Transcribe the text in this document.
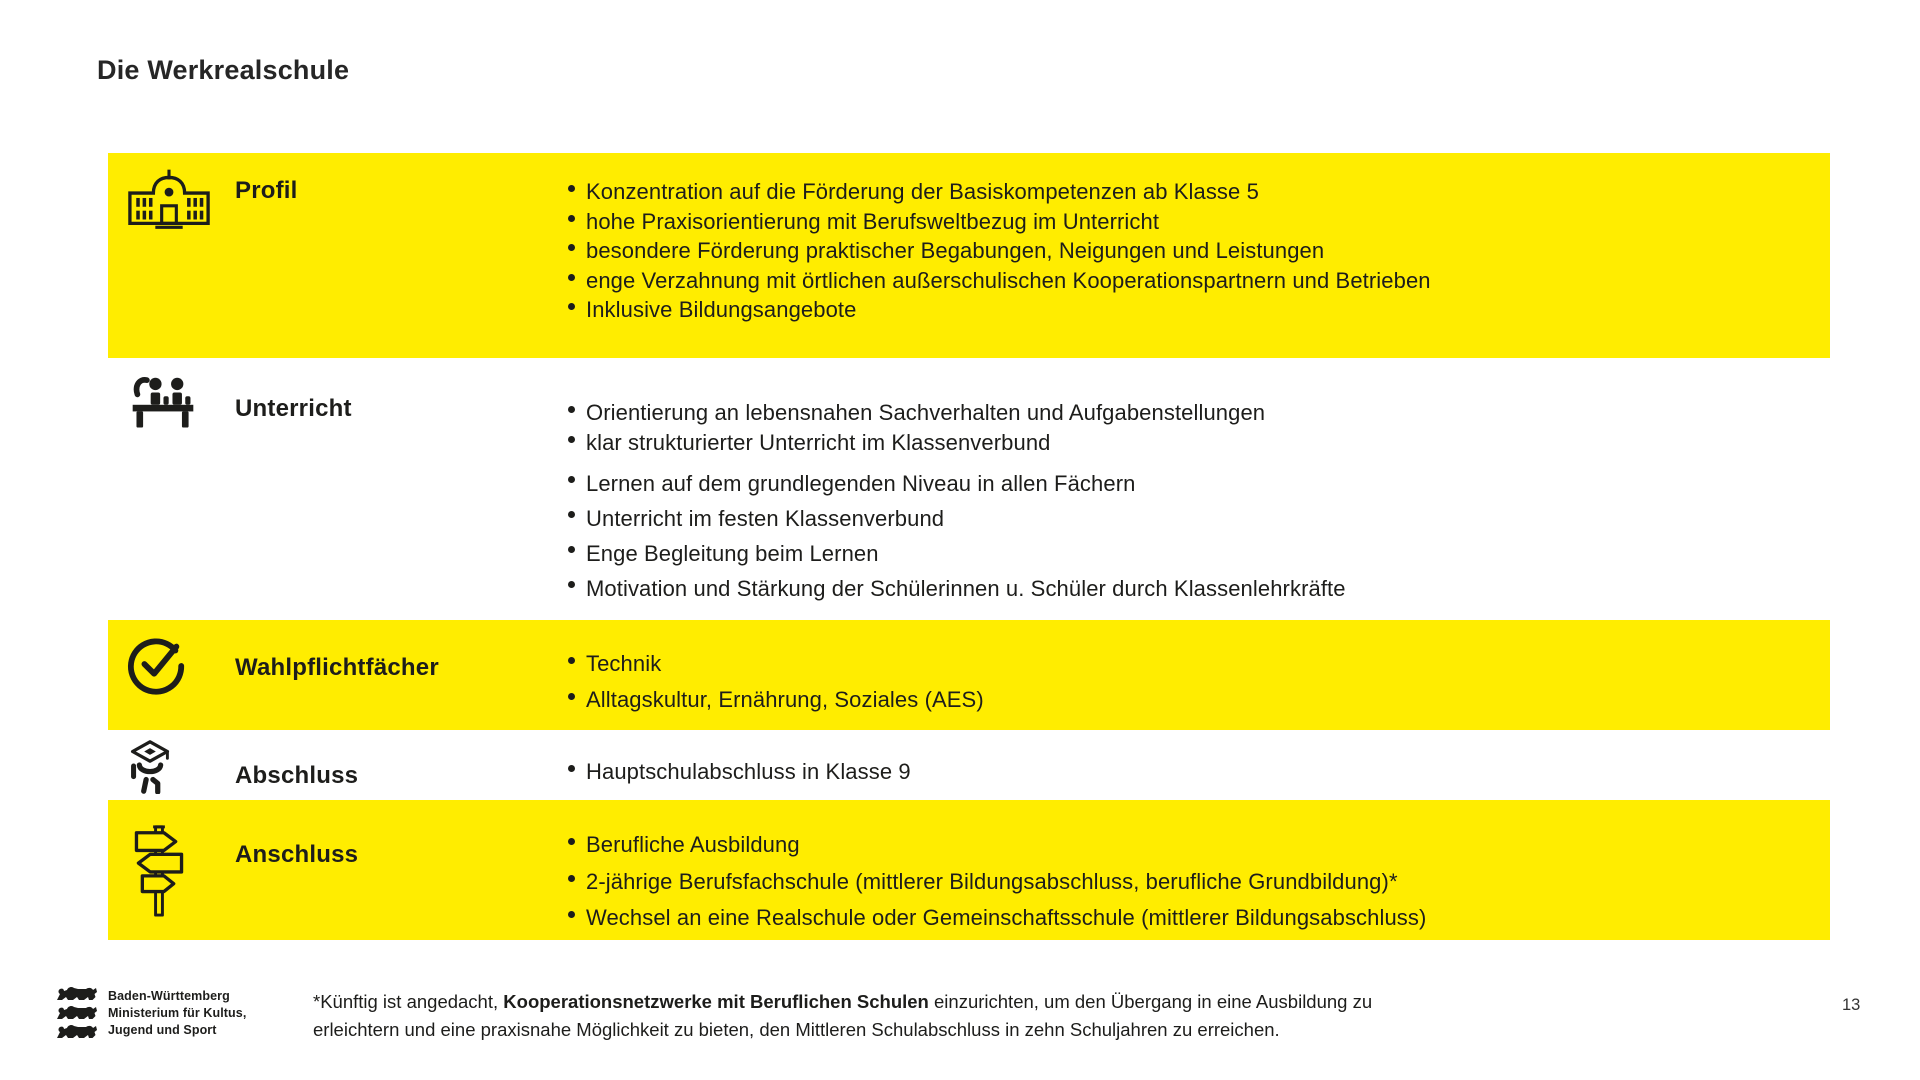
Die Werkrealschule
Profil	Konzentration auf die Förderung der Basiskompetenzen ab Klasse 5
hohe Praxisorientierung mit Berufsweltbezug im Unterricht
besondere Förderung praktischer Begabungen, Neigungen und Leistungen
enge Verzahnung mit örtlichen außerschulischen Kooperationspartnern und Betrieben
Inklusive Bildungsangebote
Unterricht	Orientierung an lebensnahen Sachverhalten und Aufgabenstellungen
klar strukturierter Unterricht im Klassenverbund
Lernen auf dem grundlegenden Niveau in allen Fächern
Unterricht im festen Klassenverbund
Enge Begleitung beim Lernen
Motivation und Stärkung der Schülerinnen u. Schüler durch Klassenlehrkräfte
Wahlpflichtfächer	Technik
Alltagskultur, Ernährung, Soziales (AES)
Abschluss	Hauptschulabschluss in Klasse 9
Anschluss	Berufliche Ausbildung
2-jährige Berufsfachschule (mittlerer Bildungsabschluss, berufliche Grundbildung)*
Wechsel an eine Realschule oder Gemeinschaftsschule (mittlerer Bildungsabschluss)
Baden-Württemberg
Ministerium für Kultus,
Jugend und Sport
*Künftig ist angedacht, Kooperationsnetzwerke mit Beruflichen Schulen einzurichten, um den Übergang in eine Ausbildung zu
erleichtern und eine praxisnahe Möglichkeit zu bieten, den Mittleren Schulabschluss in zehn Schuljahren zu erreichen.
13
